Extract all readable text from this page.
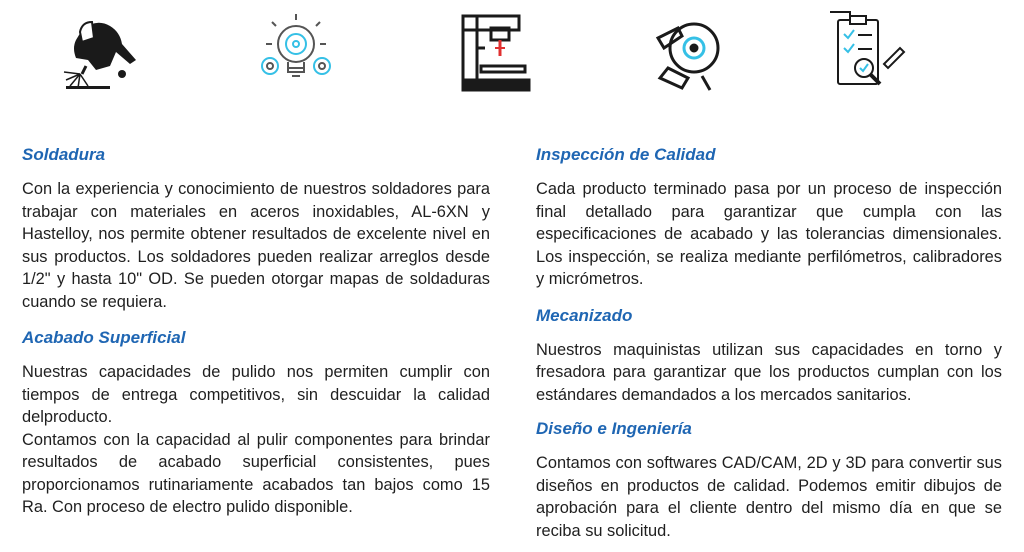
Soldadura

Con la experiencia y conocimiento de nuestros soldadores para trabajar con materiales en aceros inoxidables, AL-6XN y Hastelloy, nos permite obtener resultados de excelente nivel en sus productos. Los soldadores pueden realizar arreglos desde 1/2" y hasta 10" OD. Se pueden otorgar mapas de soldaduras cuando se requiera.

Acabado Superficial

Nuestras capacidades de pulido nos permiten cumplir con tiempos de entrega competitivos, sin descuidar la calidad delproducto.

Contamos con la capacidad al pulir componentes para brindar resultados de acabado superficial consistentes, pues proporcionamos rutinariamente acabados tan bajos como 15 Ra. Con proceso de electro pulido disponible.

Inspección de Calidad

Cada producto terminado pasa por un proceso de inspección final detallado para garantizar que cumpla con las especificaciones de acabado y las tolerancias dimensionales. Los inspección, se realiza mediante perfilómetros, calibradores y micrómetros.

Mecanizado

Nuestros maquinistas utilizan sus capacidades en torno y fresadora para garantizar que los productos cumplan con los estándares demandados a los mercados sanitarios.

Diseño e Ingeniería

Contamos con softwares CAD/CAM, 2D y 3D para convertir sus diseños en productos de calidad. Podemos emitir dibujos de aprobación para el cliente dentro del mismo día en que se reciba su solicitud.
